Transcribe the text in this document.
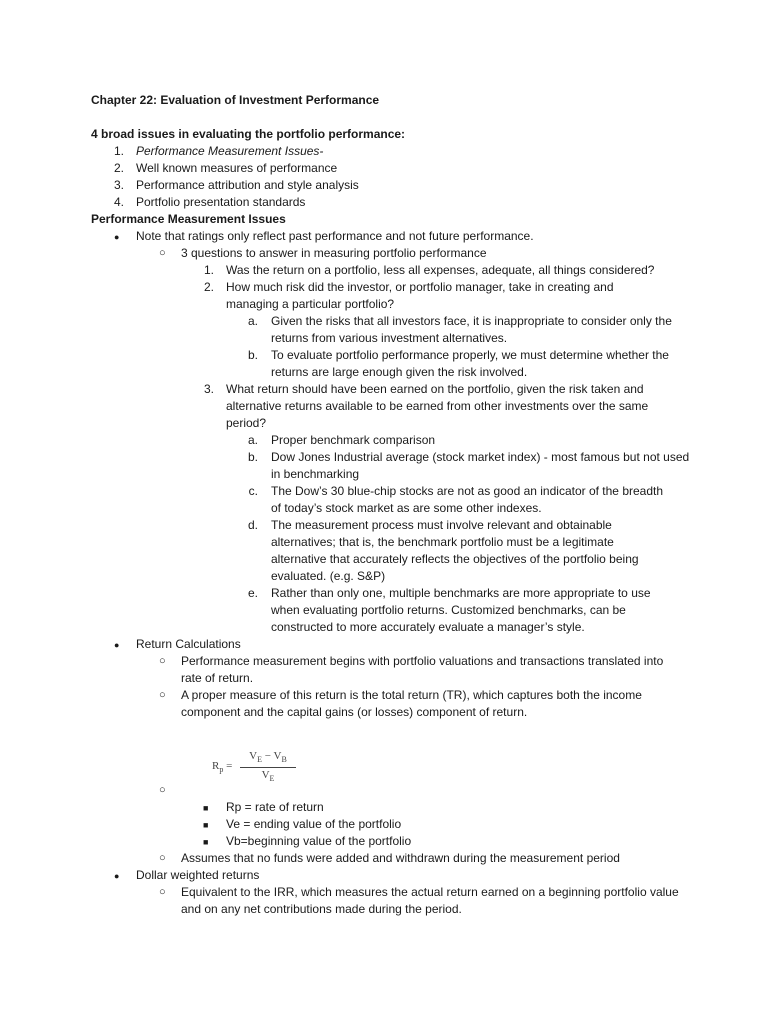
Chapter 22: Evaluation of Investment Performance
4 broad issues in evaluating the portfolio performance:
1. Performance Measurement Issues-
2. Well known measures of performance
3. Performance attribution and style analysis
4. Portfolio presentation standards
Performance Measurement Issues
● Note that ratings only reflect past performance and not future performance.
○ 3 questions to answer in measuring portfolio performance
1. Was the return on a portfolio, less all expenses, adequate, all things considered?
2. How much risk did the investor, or portfolio manager, take in creating and managing a particular portfolio?
a. Given the risks that all investors face, it is inappropriate to consider only the returns from various investment alternatives.
b. To evaluate portfolio performance properly, we must determine whether the returns are large enough given the risk involved.
3. What return should have been earned on the portfolio, given the risk taken and alternative returns available to be earned from other investments over the same period?
a. Proper benchmark comparison
b. Dow Jones Industrial average (stock market index) - most famous but not used in benchmarking
c. The Dow’s 30 blue-chip stocks are not as good an indicator of the breadth of today’s stock market as are some other indexes.
d. The measurement process must involve relevant and obtainable alternatives; that is, the benchmark portfolio must be a legitimate alternative that accurately reflects the objectives of the portfolio being evaluated. (e.g. S&P)
e. Rather than only one, multiple benchmarks are more appropriate to use when evaluating portfolio returns. Customized benchmarks, can be constructed to more accurately evaluate a manager’s style.
● Return Calculations
○ Performance measurement begins with portfolio valuations and transactions translated into rate of return.
○ A proper measure of this return is the total return (TR), which captures both the income component and the capital gains (or losses) component of return.
$R_p$ =
$V_E - V_B$
$V_E$
○
■ Rp = rate of return
■ Ve = ending value of the portfolio
■ Vb=beginning value of the portfolio
○ Assumes that no funds were added and withdrawn during the measurement period
● Dollar weighted returns
○ Equivalent to the IRR, which measures the actual return earned on a beginning portfolio value and on any net contributions made during the period.
